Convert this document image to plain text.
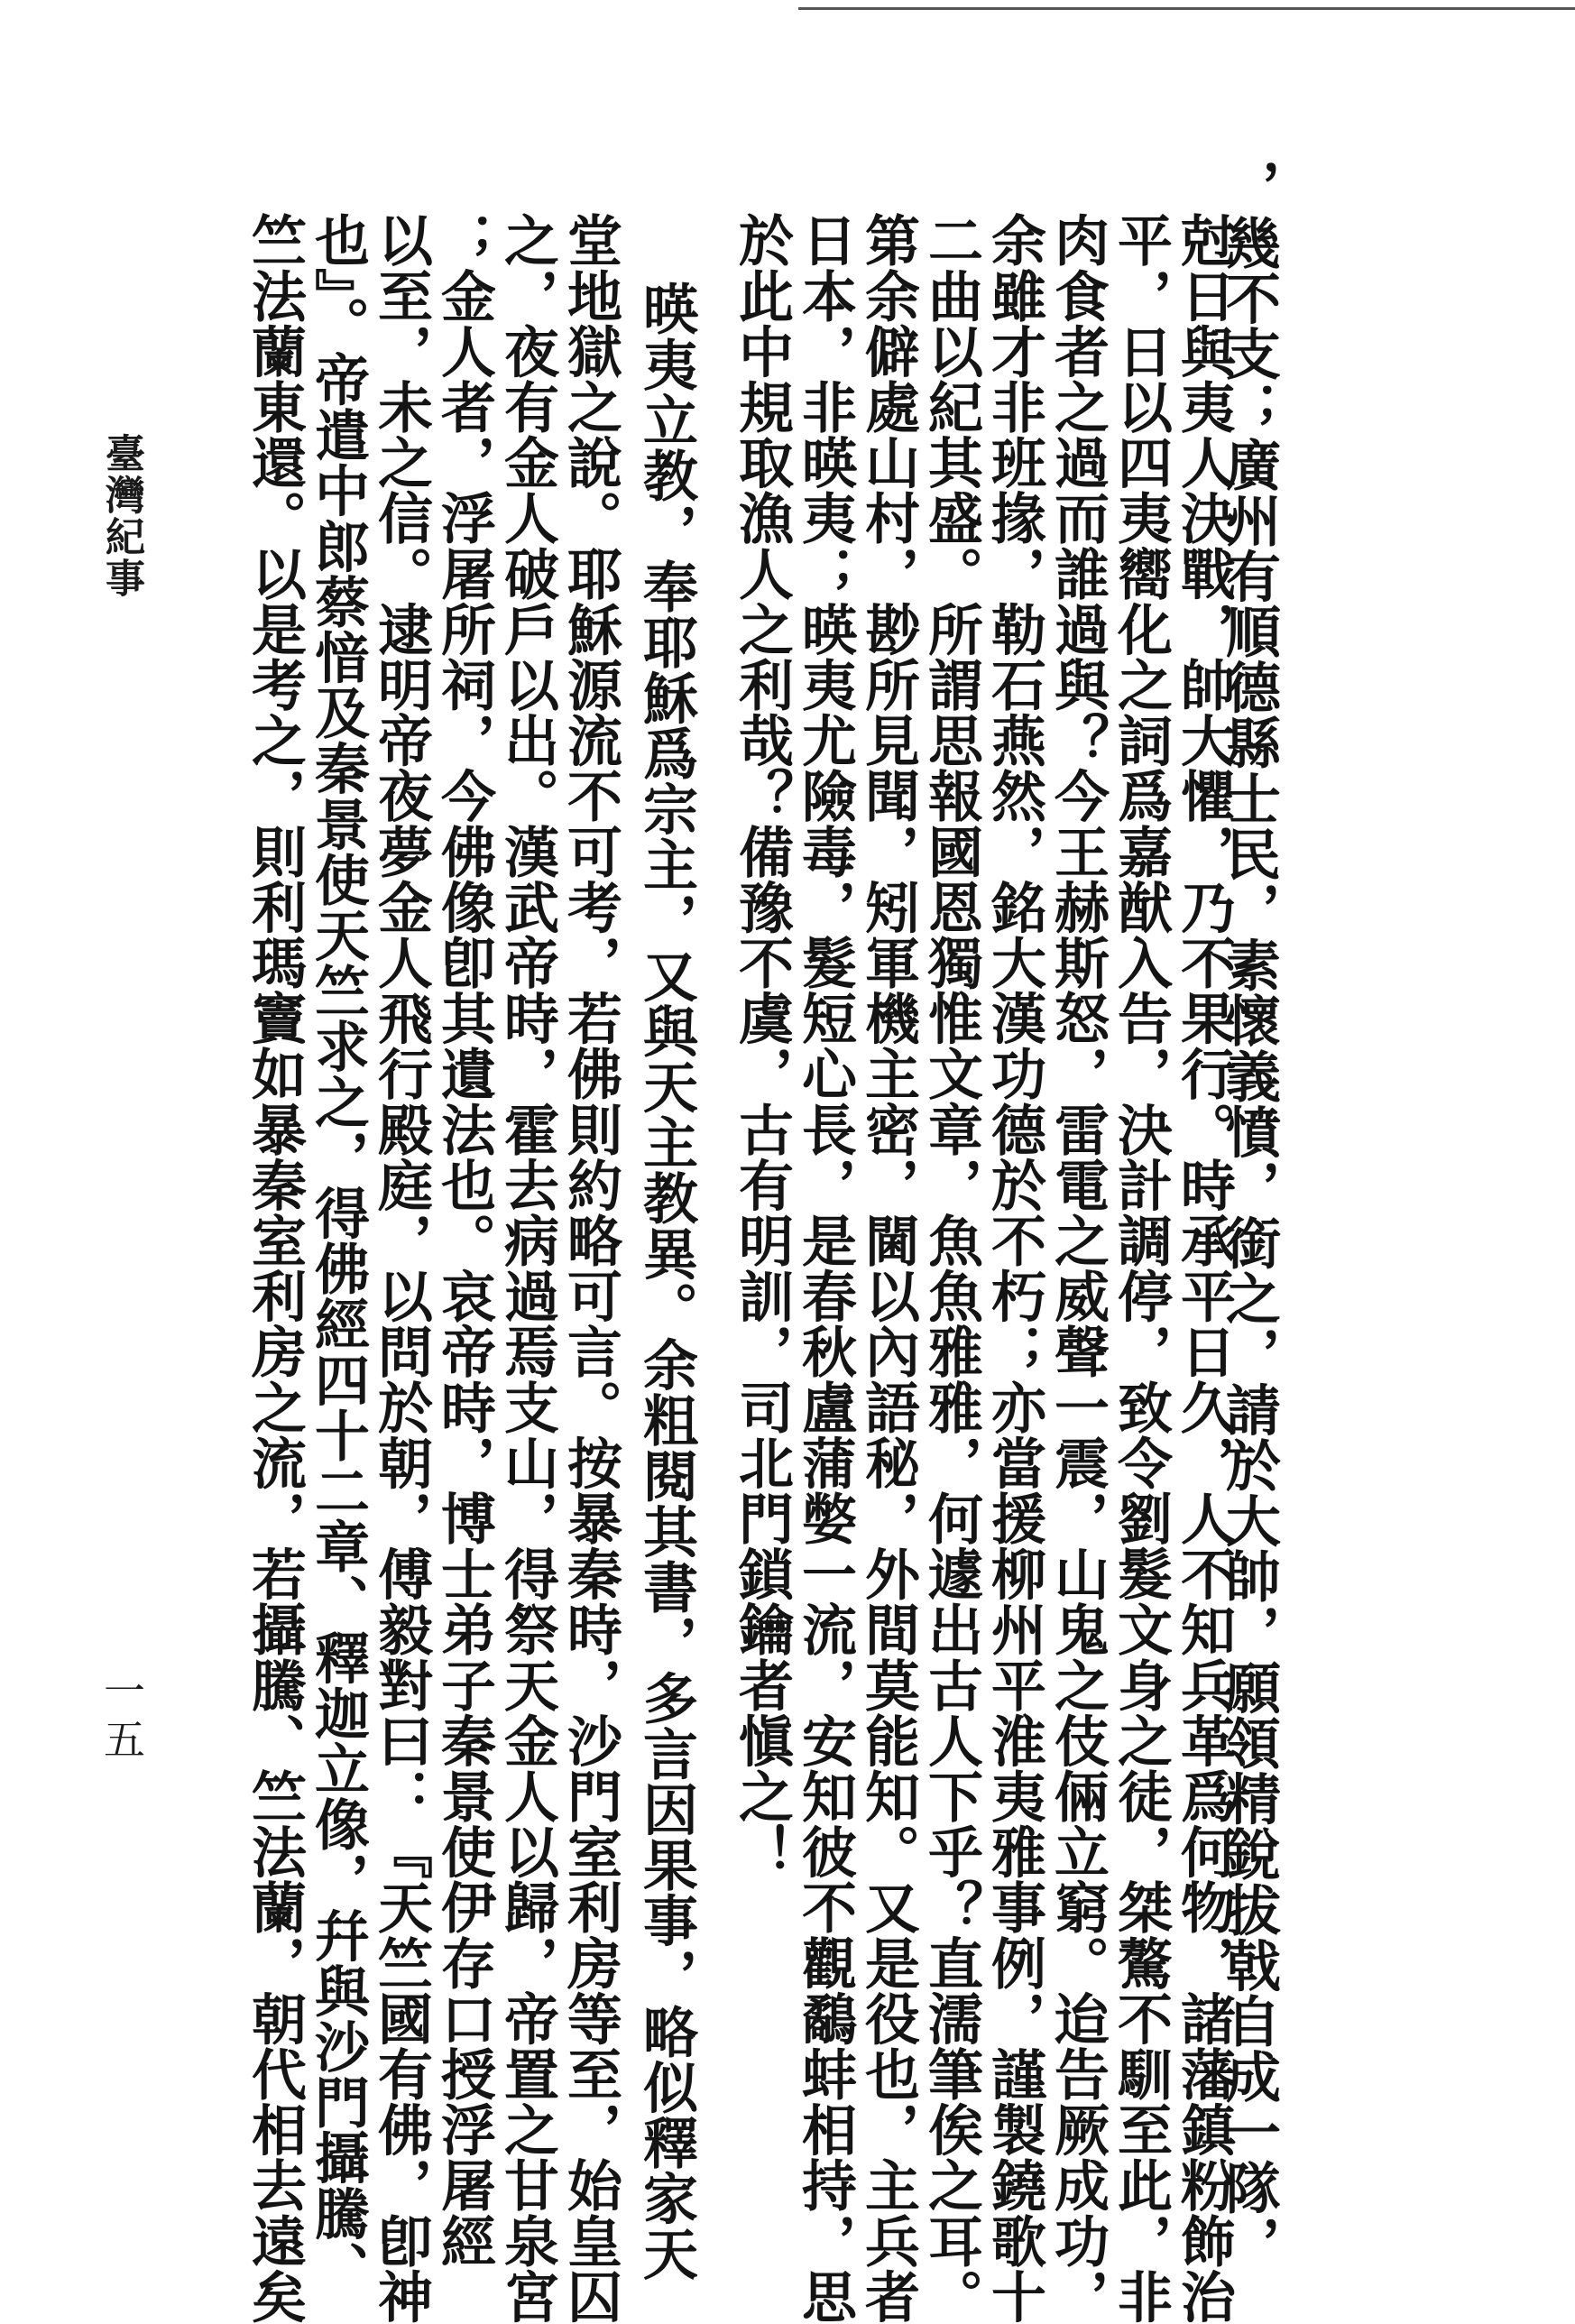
，幾不支；廣州有順德縣士民，素懷義憤，銜之，請於大帥，願領精銳拔戟自成一隊，
尅日與夷人決戰，帥大懼，乃不果行。時承平日久，人不知兵革爲何物，諸藩鎮粉飾治
平，日以四夷嚮化之詞爲嘉猷入告，決計調停，致令劉髮文身之徒，桀驁不馴至此，非
肉食者之過而誰過與？今王赫斯怒，雷電之威聲一震，山鬼之伎倆立窮。迨告厥成功，
余雖才非班掾，勒石燕然，銘大漢功德於不朽；亦當援柳州平淮夷雅事例，謹製鐃歌十
二曲以紀其盛。所謂思報國恩獨惟文章，魚魚雅雅，何遽出古人下乎？直濡筆俟之耳。
第余僻處山村，尠所見聞，矧軍機主密，閫以內語秘，外間莫能知。又是役也，主兵者
日本，非暎夷；暎夷尤險毒，髮短心長，是春秋盧蒲嫳一流，安知彼不觀鷸蚌相持，思
於此中規取漁人之利哉？備豫不虞，古有明訓，司北門鎖鑰者愼之！
暎夷立教，奉耶穌爲宗主，又與天主教異。余粗閱其書，多言因果事，略似釋家天
堂地獄之說。耶穌源流不可考，若佛則約略可言。按暴秦時，沙門室利房等至，始皇囚
之，夜有金人破戶以出。漢武帝時，霍去病過焉支山，得祭天金人以歸，帝置之甘泉宮
；金人者，浮屠所祠，今佛像卽其遺法也。哀帝時，博士弟子秦景使伊存口授浮屠經
以至，未之信。逮明帝夜夢金人飛行殿庭，以問於朝，傅毅對曰：『天竺國有佛，卽神
也』。帝遣中郎蔡愔及秦景使天竺求之，得佛經四十二章、釋迦立像，幷與沙門攝騰、
竺法蘭東還。以是考之，則利瑪竇如暴秦室利房之流，若攝騰、竺法蘭，朝代相去遠矣
臺灣紀事
一五
